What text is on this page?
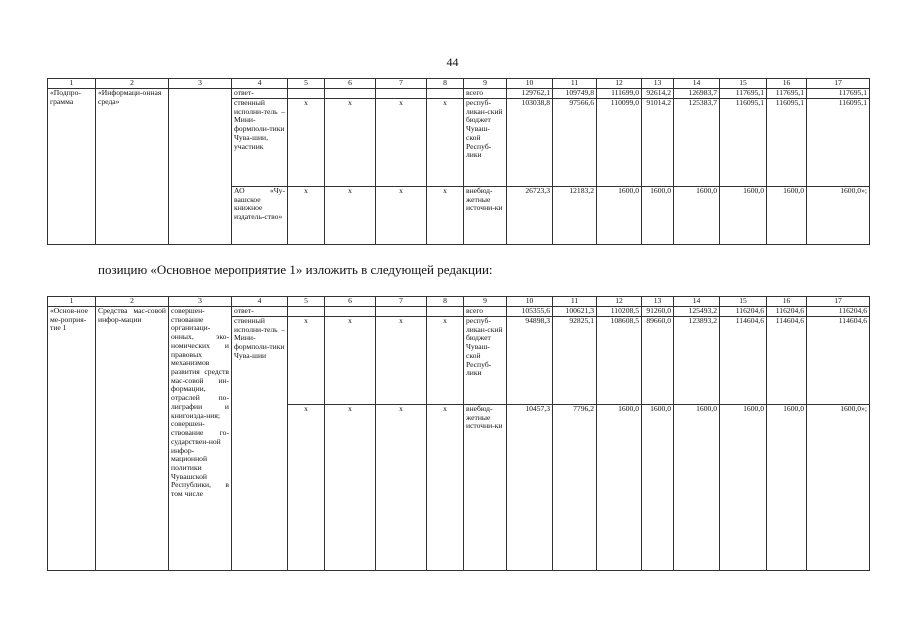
44
1	2	3	4	5	6	7	8	9	10	11	12	13	14	15	16	17
«Подпро-грамма	«Информаци-онная среда»		ответ-					всего	129762,1	109749,8	111699,0	92614,2	126983,7	117695,1	117695,1	117695,1
			ственный исполни-тель – Мини-формполи-тики Чува-шии, участник	x	x	x	x	респуб-ликан-ский бюджет Чуваш-ской Респуб-лики	103038,8	97566,6	110099,0	91014,2	125383,7	116095,1	116095,1	116095,1
			АО «Чу-вашское книжное издатель-ство»	x	x	x	x	внебюд-жетные источни-ки	26723,3	12183,2	1600,0	1600,0	1600,0	1600,0	1600,0	1600,0»;
позицию «Основное мероприятие 1» изложить в следующей редакции:
1	2	3	4	5	6	7	8	9	10	11	12	13	14	15	16	17
«Основ-ное ме-роприя-тие 1	Средства мас-совой инфор-мации	совершен-ствование организаци-онных, эко-номических и правовых механизмов развития средств мас-совой ин-формации, отраслей по-лиграфии и книгоизда-ния; совершен-ствование го-сударствен-ной инфор-мационной политики Чувашской Республики, в том числе	ответ-					всего	105355,6	100621,3	110208,5	91260,0	125493,2	116204,6	116204,6	116204,6
			ственный исполни-тель – Мини-формполи-тики Чува-шии	x	x	x	x	респуб-ликан-ский бюджет Чуваш-ской Респуб-лики	94898,3	92825,1	108608,5	89660,0	123893,2	114604,6	114604,6	114604,6
				x	x	x	x	внебюд-жетные источни-ки	10457,3	7796,2	1600,0	1600,0	1600,0	1600,0	1600,0	1600,0»;
